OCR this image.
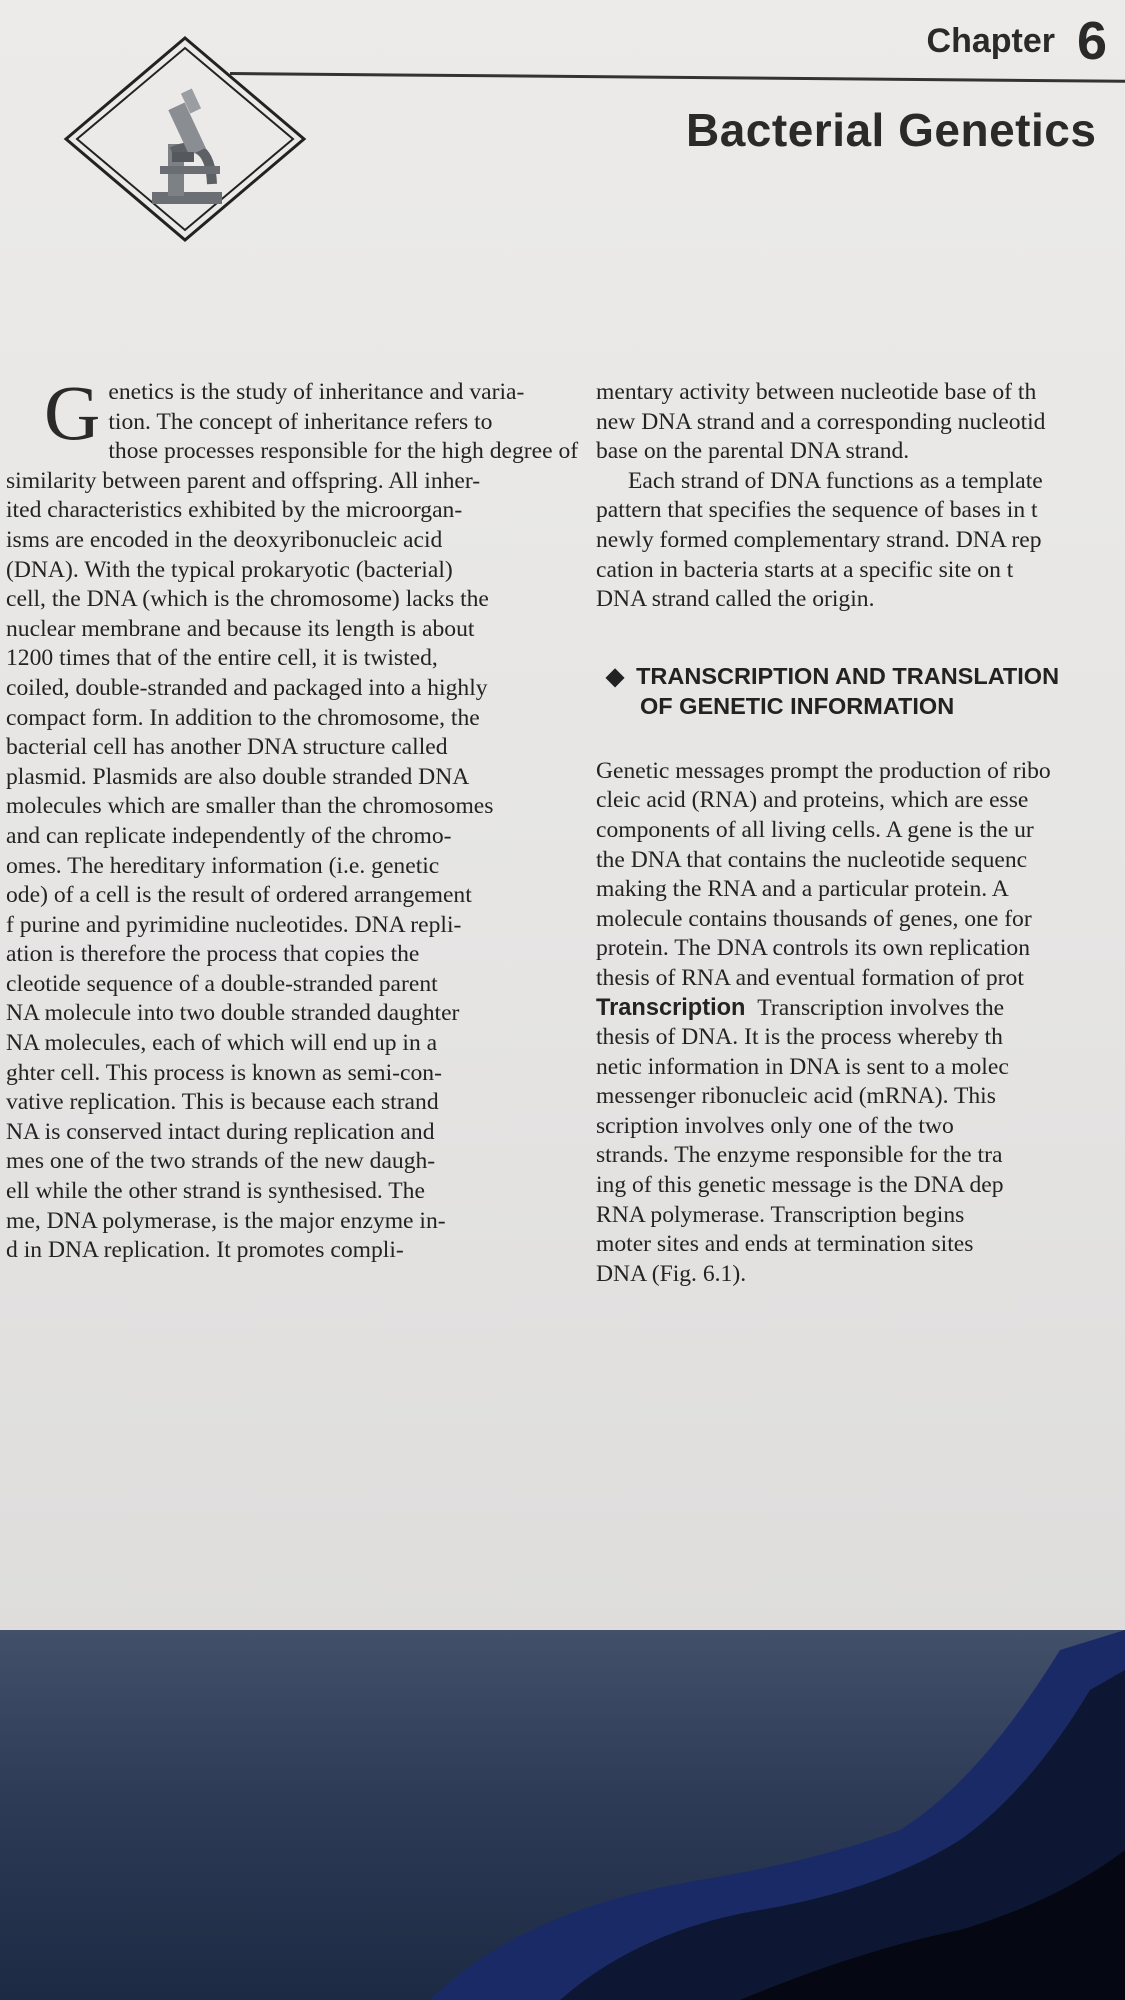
Chapter 6
Bacterial Genetics
G enetics is the study of inheritance and varia-
tion. The concept of inheritance refers to
those processes responsible for the high degree of
similarity between parent and offspring. All inher-
ited characteristics exhibited by the microorgan-
isms are encoded in the deoxyribonucleic acid
(DNA). With the typical prokaryotic (bacterial)
cell, the DNA (which is the chromosome) lacks the
nuclear membrane and because its length is about
1200 times that of the entire cell, it is twisted,
coiled, double-stranded and packaged into a highly
compact form. In addition to the chromosome, the
bacterial cell has another DNA structure called
plasmid. Plasmids are also double stranded DNA
molecules which are smaller than the chromosomes
and can replicate independently of the chromo-
omes. The hereditary information (i.e. genetic
ode) of a cell is the result of ordered arrangement
f purine and pyrimidine nucleotides. DNA repli-
ation is therefore the process that copies the
cleotide sequence of a double-stranded parent
NA molecule into two double stranded daughter
NA molecules, each of which will end up in a
ghter cell. This process is known as semi-con-
vative replication. This is because each strand
NA is conserved intact during replication and
mes one of the two strands of the new daugh-
ell while the other strand is synthesised. The
me, DNA polymerase, is the major enzyme in-
d in DNA replication. It promotes compli-
mentary activity between nucleotide base of th
new DNA strand and a corresponding nucleotid
base on the parental DNA strand.
Each strand of DNA functions as a template
pattern that specifies the sequence of bases in t
newly formed complementary strand. DNA rep
cation in bacteria starts at a specific site on t
DNA strand called the origin.
◆ TRANSCRIPTION AND TRANSLATION
OF GENETIC INFORMATION
Genetic messages prompt the production of ribo
cleic acid (RNA) and proteins, which are esse
components of all living cells. A gene is the ur
the DNA that contains the nucleotide sequenc
making the RNA and a particular protein. A
molecule contains thousands of genes, one for
protein. The DNA controls its own replication
thesis of RNA and eventual formation of prot
Transcription Transcription involves the
thesis of DNA. It is the process whereby th
netic information in DNA is sent to a molec
messenger ribonucleic acid (mRNA). This
scription involves only one of the two
strands. The enzyme responsible for the tra
ing of this genetic message is the DNA dep
RNA polymerase. Transcription begins
moter sites and ends at termination sites
DNA (Fig. 6.1).
